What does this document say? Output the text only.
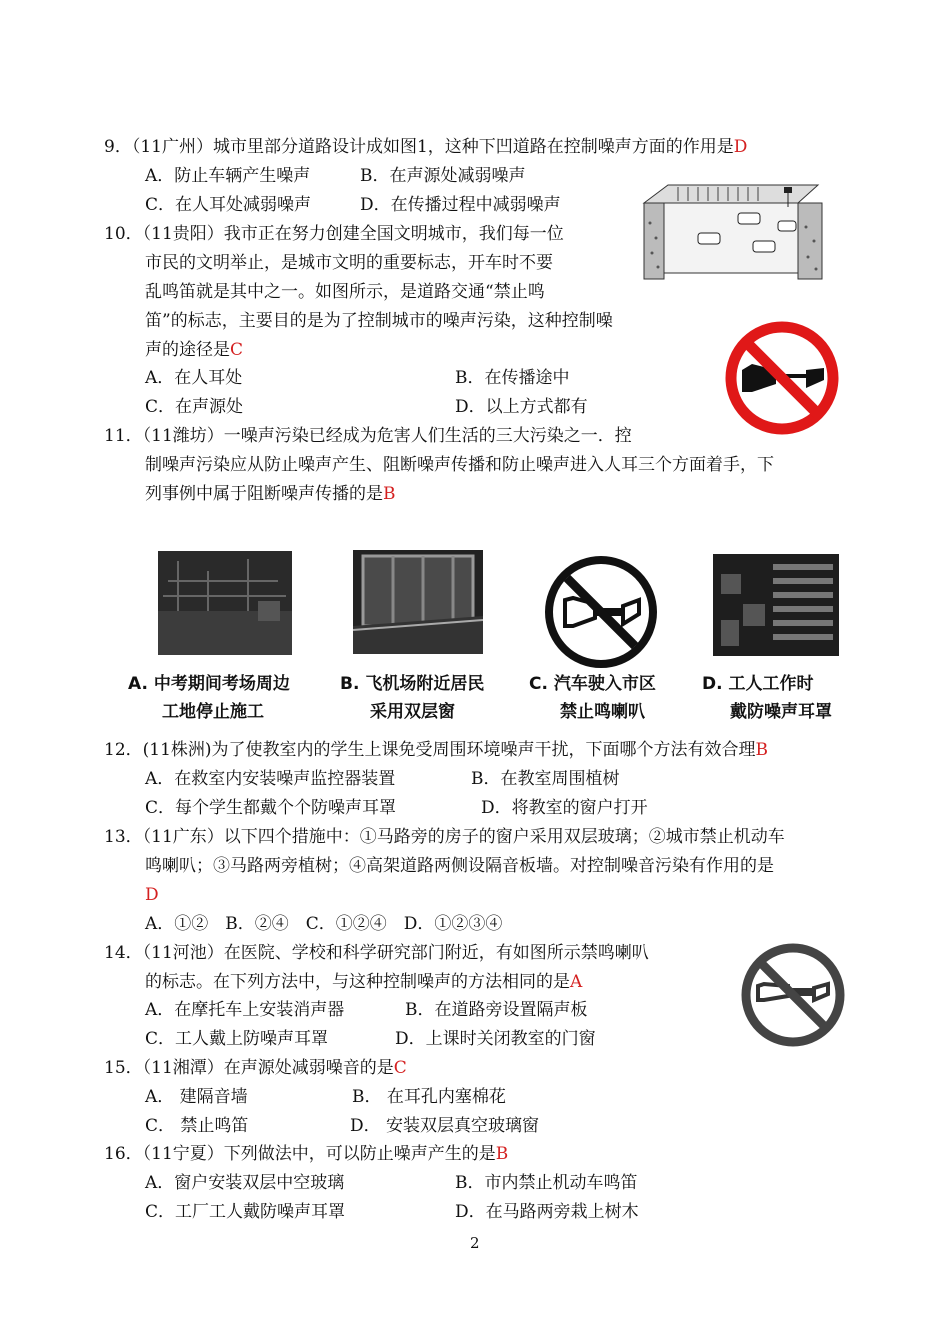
9．（11广州）城市里部分道路设计成如图1，这种下凹道路在控制噪声方面的作用是D
A．防止车辆产生噪声	B．在声源处减弱噪声
C．在人耳处减弱噪声	D．在传播过程中减弱噪声
10．（11贵阳）我市正在努力创建全国文明城市，我们每一位
市民的文明举止，是城市文明的重要标志，开车时不要
乱鸣笛就是其中之一。如图所示，是道路交通“禁止鸣
笛”的标志，主要目的是为了控制城市的噪声污染，这种控制噪
声的途径是C
A．在人耳处	B．在传播途中
C．在声源处	D．以上方式都有
11．（11潍坊）一噪声污染已经成为危害人们生活的三大污染之一．控
制噪声污染应从防止噪声产生、阻断噪声传播和防止噪声进入人耳三个方面着手，下
列事例中属于阻断噪声传播的是B
A. 中考期间考场周边
工地停止施工
B. 飞机场附近居民
采用双层窗
C. 汽车驶入市区
禁止鸣喇叭
D. 工人工作时
戴防噪声耳罩
12．(11株洲)为了使教室内的学生上课免受周围环境噪声干扰，下面哪个方法有效合理B
A．在救室内安装噪声监控器装置	B．在教室周围植树
C．每个学生都戴个个防噪声耳罩	D．将教室的窗户打开
13．（11广东）以下四个措施中：①马路旁的房子的窗户采用双层玻璃；②城市禁止机动车
鸣喇叭；③马路两旁植树；④高架道路两侧设隔音板墙。对控制噪音污染有作用的是
D
A．①②　B．②④　C．①②④　D．①②③④
14．（11河池）在医院、学校和科学研究部门附近，有如图所示禁鸣喇叭
的标志。在下列方法中，与这种控制噪声的方法相同的是A
A．在摩托车上安装消声器	B．在道路旁设置隔声板
C．工人戴上防噪声耳罩	D．上课时关闭教室的门窗
15．（11湘潭）在声源处减弱噪音的是C
A． 建隔音墙	B． 在耳孔内塞棉花
C． 禁止鸣笛	D． 安装双层真空玻璃窗
16．（11宁夏）下列做法中，可以防止噪声产生的是B
A．窗户安装双层中空玻璃	B．市内禁止机动车鸣笛
C．工厂工人戴防噪声耳罩	D．在马路两旁栽上树木
2
